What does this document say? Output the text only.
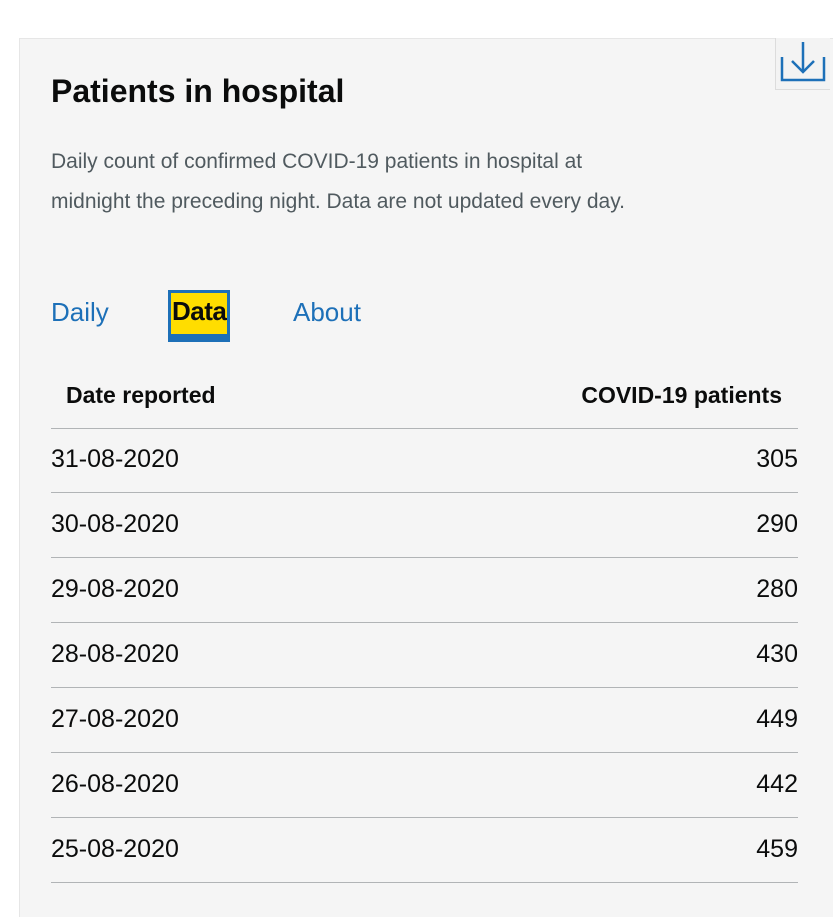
Patients in hospital

Daily count of confirmed COVID-19 patients in hospital at midnight the preceding night. Data are not updated every day.

Daily Data	About
Date reported	COVID-19 patients
31-08-2020	305
30-08-2020	290
29-08-2020	280
28-08-2020	430
27-08-2020	449
26-08-2020	442
25-08-2020	459
